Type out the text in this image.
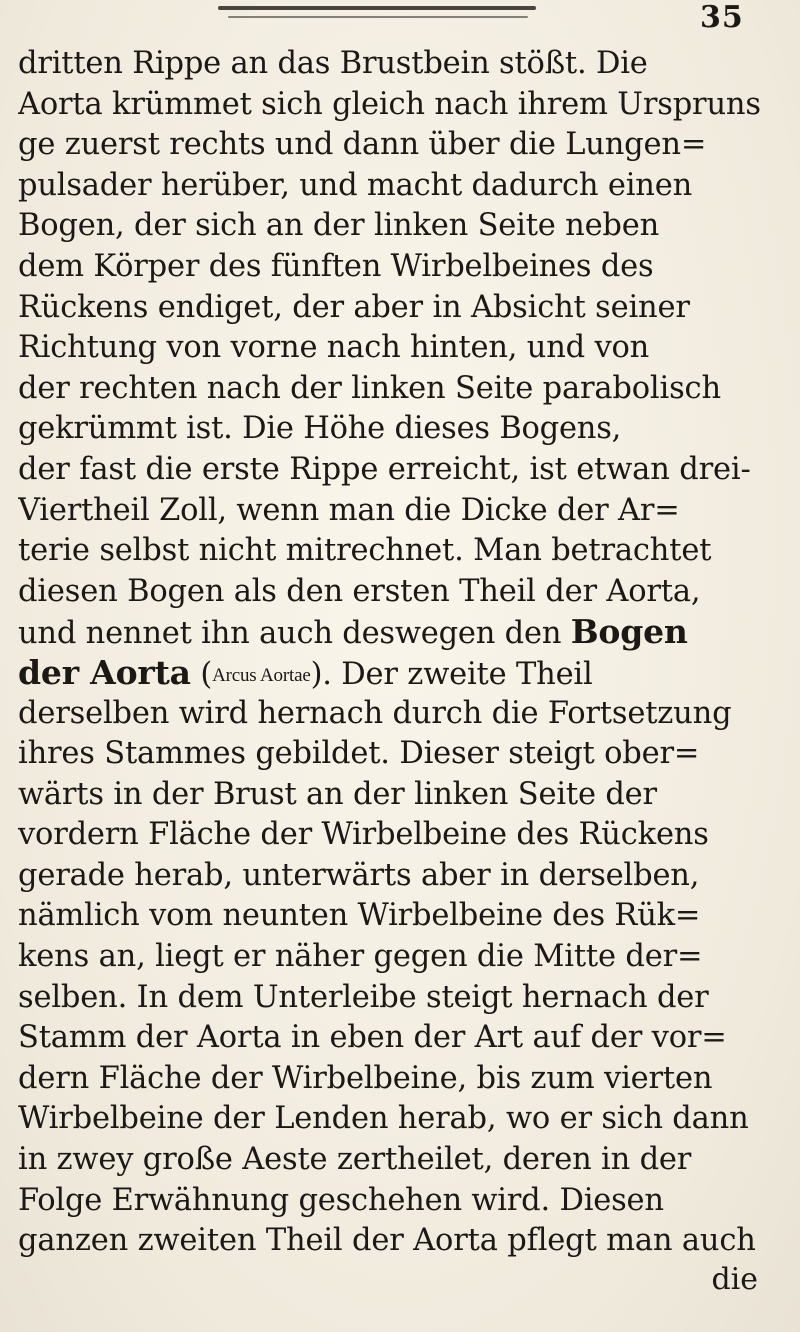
35
dritten Rippe an das Brustbein stößt. Die
Aorta krümmet sich gleich nach ihrem Urspruns
ge zuerst rechts und dann über die Lungen=
pulsader herüber, und macht dadurch einen
Bogen, der sich an der linken Seite neben
dem Körper des fünften Wirbelbeines des
Rückens endiget, der aber in Absicht seiner
Richtung von vorne nach hinten, und von
der rechten nach der linken Seite parabolisch
gekrümmt ist. Die Höhe dieses Bogens,
der fast die erste Rippe erreicht, ist etwan drei-
Viertheil Zoll, wenn man die Dicke der Ar=
terie selbst nicht mitrechnet. Man betrachtet
diesen Bogen als den ersten Theil der Aorta,
und nennet ihn auch deswegen den Bogen
der Aorta (Arcus Aortae). Der zweite Theil
derselben wird hernach durch die Fortsetzung
ihres Stammes gebildet. Dieser steigt ober=
wärts in der Brust an der linken Seite der
vordern Fläche der Wirbelbeine des Rückens
gerade herab, unterwärts aber in derselben,
nämlich vom neunten Wirbelbeine des Rük=
kens an, liegt er näher gegen die Mitte der=
selben. In dem Unterleibe steigt hernach der
Stamm der Aorta in eben der Art auf der vor=
dern Fläche der Wirbelbeine, bis zum vierten
Wirbelbeine der Lenden herab, wo er sich dann
in zwey große Aeste zertheilet, deren in der
Folge Erwähnung geschehen wird. Diesen
ganzen zweiten Theil der Aorta pflegt man auch
die
